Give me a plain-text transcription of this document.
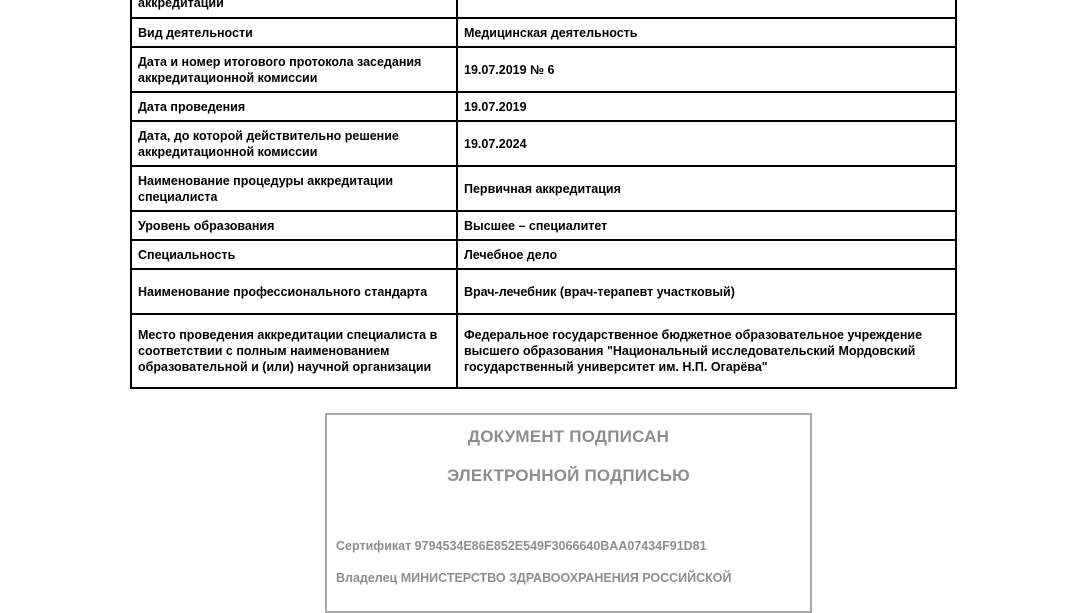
аккредитации	
Вид деятельности	Медицинская деятельность
Дата и номер итогового протокола заседания аккредитационной комиссии	19.07.2019 № 6
Дата проведения	19.07.2019
Дата, до которой действительно решение аккредитационной комиссии	19.07.2024
Наименование процедуры аккредитации специалиста	Первичная аккредитация
Уровень образования	Высшее – специалитет
Специальность	Лечебное дело
Наименование профессионального стандарта	Врач-лечебник (врач-терапевт участковый)
Место проведения аккредитации специалиста в соответствии с полным наименованием образовательной и (или) научной организации	Федеральное государственное бюджетное образовательное учреждение высшего образования "Национальный исследовательский Мордовский государственный университет им. Н.П. Огарёва"
ДОКУМЕНТ ПОДПИСАН
ЭЛЕКТРОННОЙ ПОДПИСЬЮ
Сертификат 9794534E86E852E549F3066640BAA07434F91D81
Владелец МИНИСТЕРСТВО ЗДРАВООХРАНЕНИЯ РОССИЙСКОЙ
